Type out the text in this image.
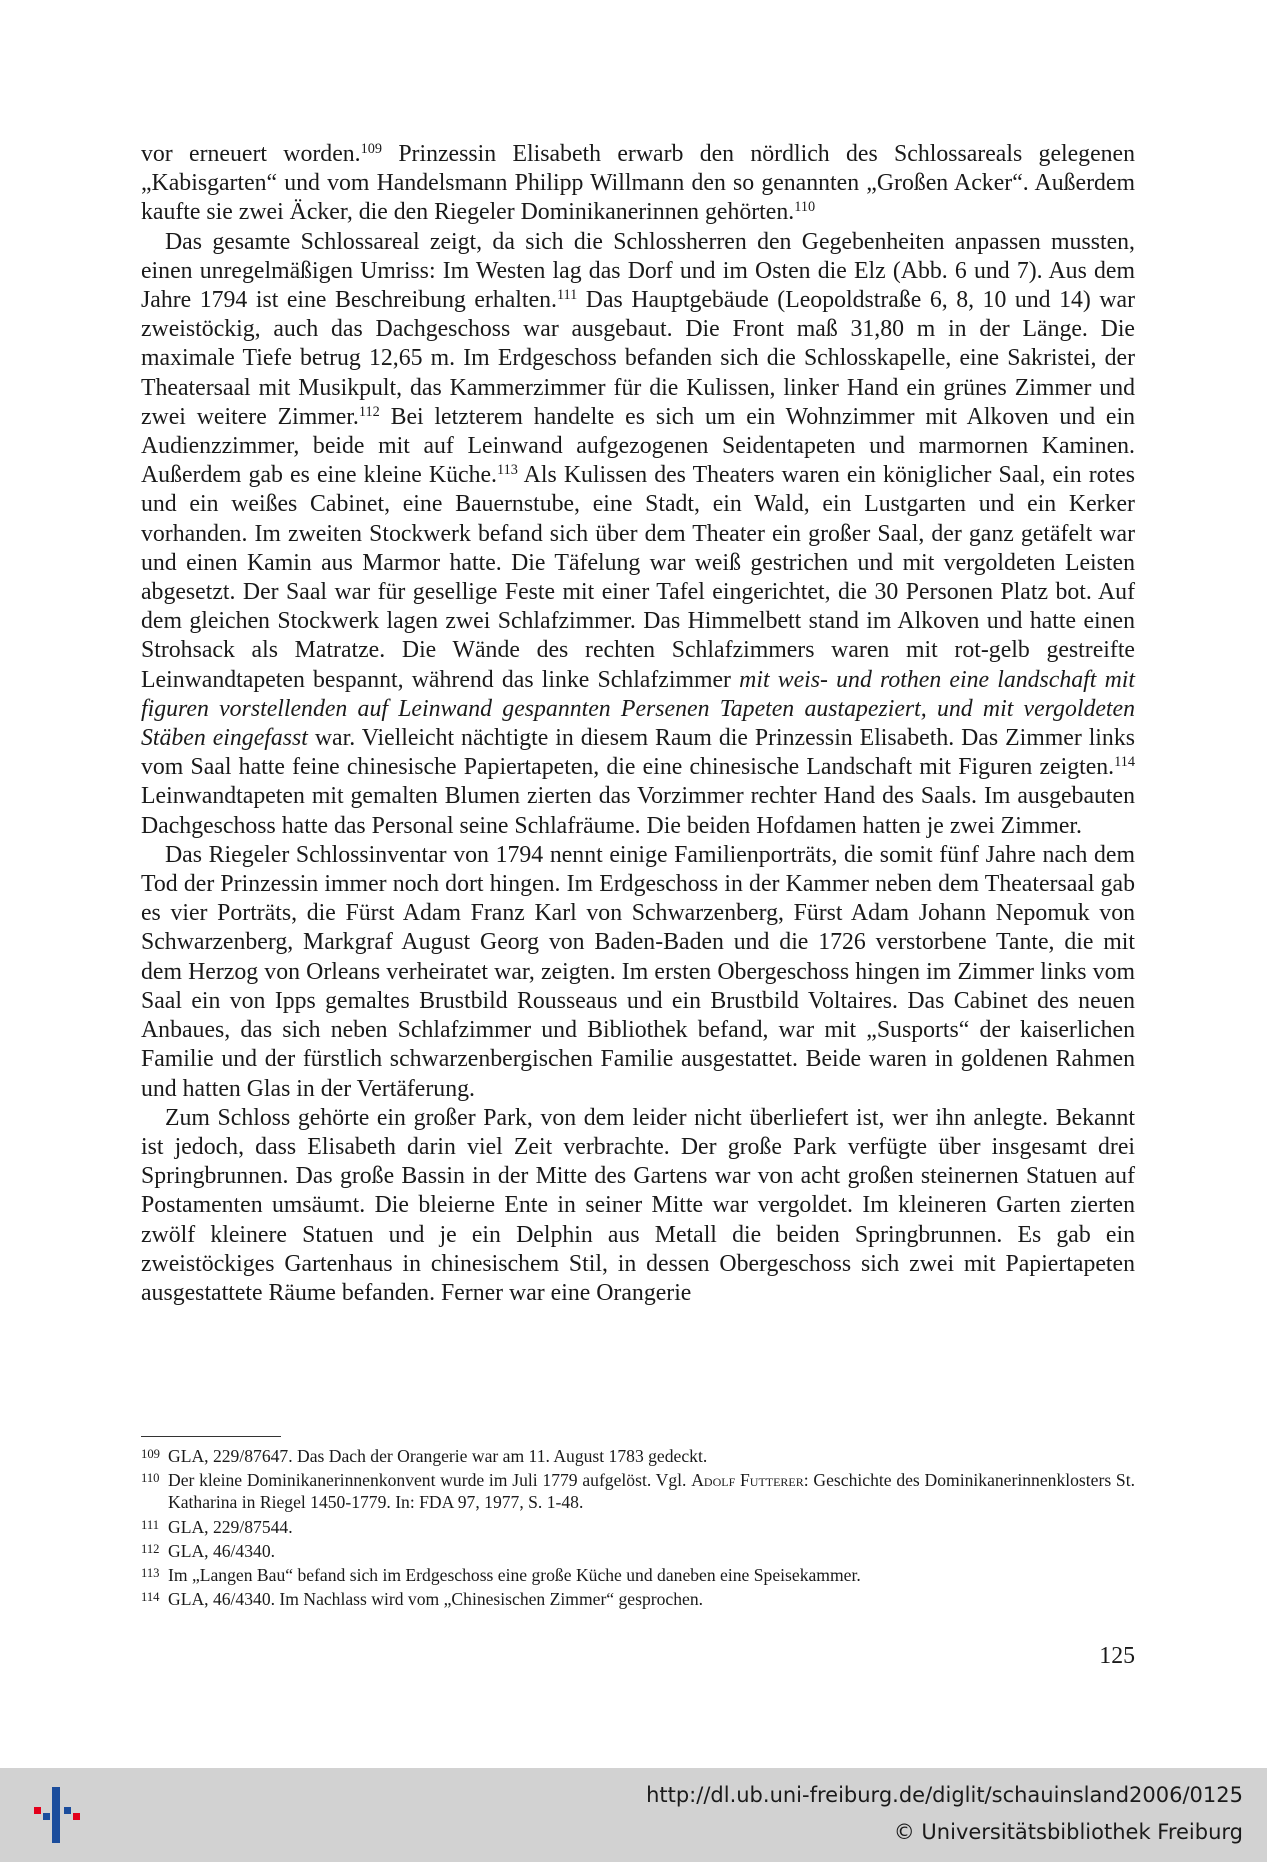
vor erneuert worden.$^{109}$ Prinzessin Elisabeth erwarb den nördlich des Schlossareals gelegenen „Kabisgarten“ und vom Handelsmann Philipp Willmann den so genannten „Großen Acker“. Außerdem kaufte sie zwei Äcker, die den Riegeler Dominikanerinnen gehörten.$^{110}$

Das gesamte Schlossareal zeigt, da sich die Schlossherren den Gegebenheiten anpassen mussten, einen unregelmäßigen Umriss: Im Westen lag das Dorf und im Osten die Elz (Abb. 6 und 7). Aus dem Jahre 1794 ist eine Beschreibung erhalten.$^{111}$ Das Hauptgebäude (Leopoldstraße 6, 8, 10 und 14) war zweistöckig, auch das Dachgeschoss war ausgebaut. Die Front maß 31,80 m in der Länge. Die maximale Tiefe betrug 12,65 m. Im Erdgeschoss befanden sich die Schlosskapelle, eine Sakristei, der Theatersaal mit Musikpult, das Kammerzimmer für die Kulissen, linker Hand ein grünes Zimmer und zwei weitere Zimmer.$^{112}$ Bei letzterem handelte es sich um ein Wohnzimmer mit Alkoven und ein Audienzzimmer, beide mit auf Leinwand aufgezogenen Seidentapeten und marmornen Kaminen. Außerdem gab es eine kleine Küche.$^{113}$ Als Kulissen des Theaters waren ein königlicher Saal, ein rotes und ein weißes Cabinet, eine Bauernstube, eine Stadt, ein Wald, ein Lustgarten und ein Kerker vorhanden. Im zweiten Stockwerk befand sich über dem Theater ein großer Saal, der ganz getäfelt war und einen Kamin aus Marmor hatte. Die Täfelung war weiß gestrichen und mit vergoldeten Leisten abgesetzt. Der Saal war für gesellige Feste mit einer Tafel eingerichtet, die 30 Personen Platz bot. Auf dem gleichen Stockwerk lagen zwei Schlafzimmer. Das Himmelbett stand im Alkoven und hatte einen Strohsack als Matratze. Die Wände des rechten Schlafzimmers waren mit rot-gelb gestreifte Leinwandtapeten bespannt, während das linke Schlafzimmer mit weis- und rothen eine landschaft mit figuren vorstellenden auf Leinwand gespannten Persenen Tapeten austapeziert, und mit vergoldeten Stäben eingefasst war. Vielleicht nächtigte in diesem Raum die Prinzessin Elisabeth. Das Zimmer links vom Saal hatte feine chinesische Papiertapeten, die eine chinesische Landschaft mit Figuren zeigten.$^{114}$ Leinwandtapeten mit gemalten Blumen zierten das Vorzimmer rechter Hand des Saals. Im ausgebauten Dachgeschoss hatte das Personal seine Schlafräume. Die beiden Hofdamen hatten je zwei Zimmer.

Das Riegeler Schlossinventar von 1794 nennt einige Familienporträts, die somit fünf Jahre nach dem Tod der Prinzessin immer noch dort hingen. Im Erdgeschoss in der Kammer neben dem Theatersaal gab es vier Porträts, die Fürst Adam Franz Karl von Schwarzenberg, Fürst Adam Johann Nepomuk von Schwarzenberg, Markgraf August Georg von Baden-Baden und die 1726 verstorbene Tante, die mit dem Herzog von Orleans verheiratet war, zeigten. Im ersten Obergeschoss hingen im Zimmer links vom Saal ein von Ipps gemaltes Brustbild Rousseaus und ein Brustbild Voltaires. Das Cabinet des neuen Anbaues, das sich neben Schlafzimmer und Bibliothek befand, war mit „Susports“ der kaiserlichen Familie und der fürstlich schwarzenbergischen Familie ausgestattet. Beide waren in goldenen Rahmen und hatten Glas in der Vertäferung.

Zum Schloss gehörte ein großer Park, von dem leider nicht überliefert ist, wer ihn anlegte. Bekannt ist jedoch, dass Elisabeth darin viel Zeit verbrachte. Der große Park verfügte über insgesamt drei Springbrunnen. Das große Bassin in der Mitte des Gartens war von acht großen steinernen Statuen auf Postamenten umsäumt. Die bleierne Ente in seiner Mitte war vergoldet. Im kleineren Garten zierten zwölf kleinere Statuen und je ein Delphin aus Metall die beiden Springbrunnen. Es gab ein zweistöckiges Gartenhaus in chinesischem Stil, in dessen Obergeschoss sich zwei mit Papiertapeten ausgestattete Räume befanden. Ferner war eine Orangerie

109 GLA, 229/87647. Das Dach der Orangerie war am 11. August 1783 gedeckt.

110 Der kleine Dominikanerinnenkonvent wurde im Juli 1779 aufgelöst. Vgl. Adolf Futterer: Geschichte des Dominikanerinnenklosters St. Katharina in Riegel 1450-1779. In: FDA 97, 1977, S. 1-48.

111 GLA, 229/87544.

112 GLA, 46/4340.

113 Im „Langen Bau“ befand sich im Erdgeschoss eine große Küche und daneben eine Speisekammer.

114 GLA, 46/4340. Im Nachlass wird vom „Chinesischen Zimmer“ gesprochen.

125
http://dl.ub.uni-freiburg.de/diglit/schauinsland2006/0125
© Universitätsbibliothek Freiburg
